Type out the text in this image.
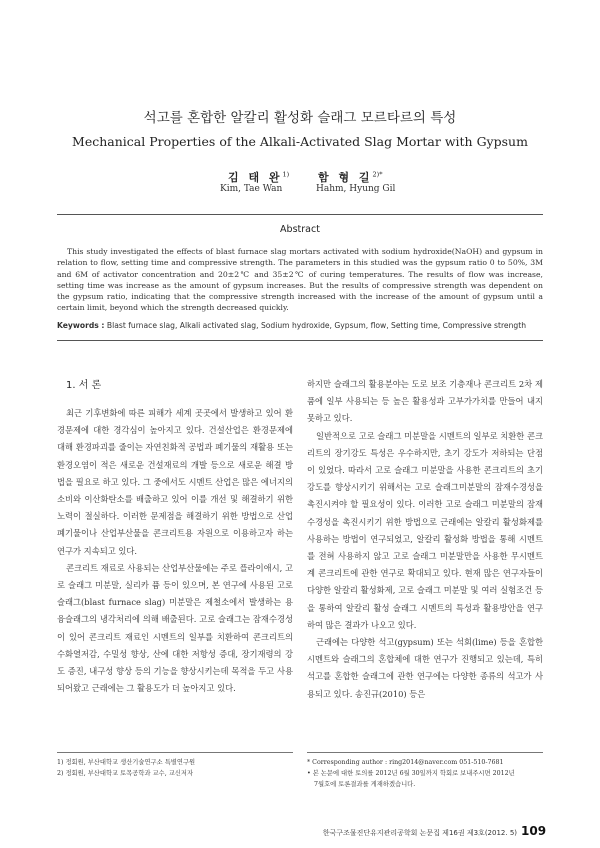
석고를 혼합한 알칼리 활성화 슬래그 모르타르의 특성
Mechanical Properties of the Alkali-Activated Slag Mortar with Gypsum
김 태 완$^{1)}$	함 형 길$^{2)*}$
Kim, Tae Wan	Hahm, Hyung Gil
Abstract
This study investigated the effects of blast furnace slag mortars activated with sodium hydroxide(NaOH) and gypsum in relation to flow, setting time and compressive strength. The parameters in this studied was the gypsum ratio 0 to 50%, 3M and 6M of activator concentration and 20±2℃ and 35±2℃ of curing temperatures. The results of flow was increase, setting time was increase as the amount of gypsum increases. But the results of compressive strength was dependent on the gypsum ratio, indicating that the compressive strength increased with the increase of the amount of gypsum until a certain limit, beyond which the strength decreased quickly.
Keywords : Blast furnace slag, Alkali activated slag, Sodium hydroxide, Gypsum, flow, Setting time, Compressive strength
1. 서 론

최근 기후변화에 따른 피해가 세계 곳곳에서 발생하고 있어 환경문제에 대한 경각심이 높아지고 있다. 건설산업은 환경문제에 대해 환경파괴를 줄이는 자연친화적 공법과 폐기물의 재활용 또는 환경오염이 적은 새로운 건설재료의 개발 등으로 새로운 해결 방법을 필요로 하고 있다. 그 중에서도 시멘트 산업은 많은 에너지의 소비와 이산화탄소를 배출하고 있어 이를 개선 및 해결하기 위한 노력이 절실하다. 이러한 문제점을 해결하기 위한 방법으로 산업폐기물이나 산업부산물을 콘크리트용 자원으로 이용하고자 하는 연구가 지속되고 있다.

콘크리트 재료로 사용되는 산업부산물에는 주로 플라이애시, 고로 슬래그 미분말, 실리카 퓸 등이 있으며, 본 연구에 사용된 고로 슬래그(blast furnace slag) 미분말은 제철소에서 발생하는 용융슬래그의 냉각처리에 의해 배출된다. 고로 슬래그는 잠재수경성이 있어 콘크리트 재료인 시멘트의 일부를 치환하여 콘크리트의 수화열저감, 수밀성 향상, 산에 대한 저항성 증대, 장기재령의 강도 증진, 내구성 향상 등의 기능을 향상시키는데 목적을 두고 사용되어왔고 근래에는 그 활용도가 더 높아지고 있다.

하지만 슬래그의 활용분야는 도로 보조 기층재나 콘크리트 2차 제품에 일부 사용되는 등 높은 활용성과 고부가가치를 만들어 내지 못하고 있다.

일반적으로 고로 슬래그 미분말을 시멘트의 일부로 치환한 콘크리트의 장기강도 특성은 우수하지만, 초기 강도가 저하되는 단점이 있었다. 따라서 고로 슬래그 미분말을 사용한 콘크리트의 초기강도를 향상시키기 위해서는 고로 슬래그미분말의 잠재수경성을 촉진시켜야 할 필요성이 있다. 이러한 고로 슬래그 미분말의 잠재수경성을 촉진시키기 위한 방법으로 근래에는 알칼리 활성화제를 사용하는 방법이 연구되었고, 알칼리 활성화 방법을 통해 시멘트를 전혀 사용하지 않고 고로 슬래그 미분말만을 사용한 무시멘트계 콘크리트에 관한 연구로 확대되고 있다. 현재 많은 연구자들이 다양한 알칼리 활성화제, 고로 슬래그 미분말 및 여러 실험조건 등을 통하여 알칼리 활성 슬래그 시멘트의 특성과 활용방안을 연구하여 많은 결과가 나오고 있다.

근래에는 다양한 석고(gypsum) 또는 석회(lime) 등을 혼합한 시멘트와 슬래그의 혼합체에 대한 연구가 진행되고 있는데, 특히 석고를 혼합한 슬래그에 관한 연구에는 다양한 종류의 석고가 사용되고 있다. 송진규(2010) 등은

1) 정회원, 부산대학교 생산기술연구소 특별연구원
2) 정회원, 부산대학교 토목공학과 교수, 교신저자
* Corresponding author : ring2014@naver.com 051-510-7681
• 본 논문에 대한 토의를 2012년 6월 30일까지 학회로 보내주시면 2012년
7월호에 토론결과를 게재하겠습니다.
한국구조물진단유지관리공학회 논문집 제16권 제3호(2012. 5) 109
